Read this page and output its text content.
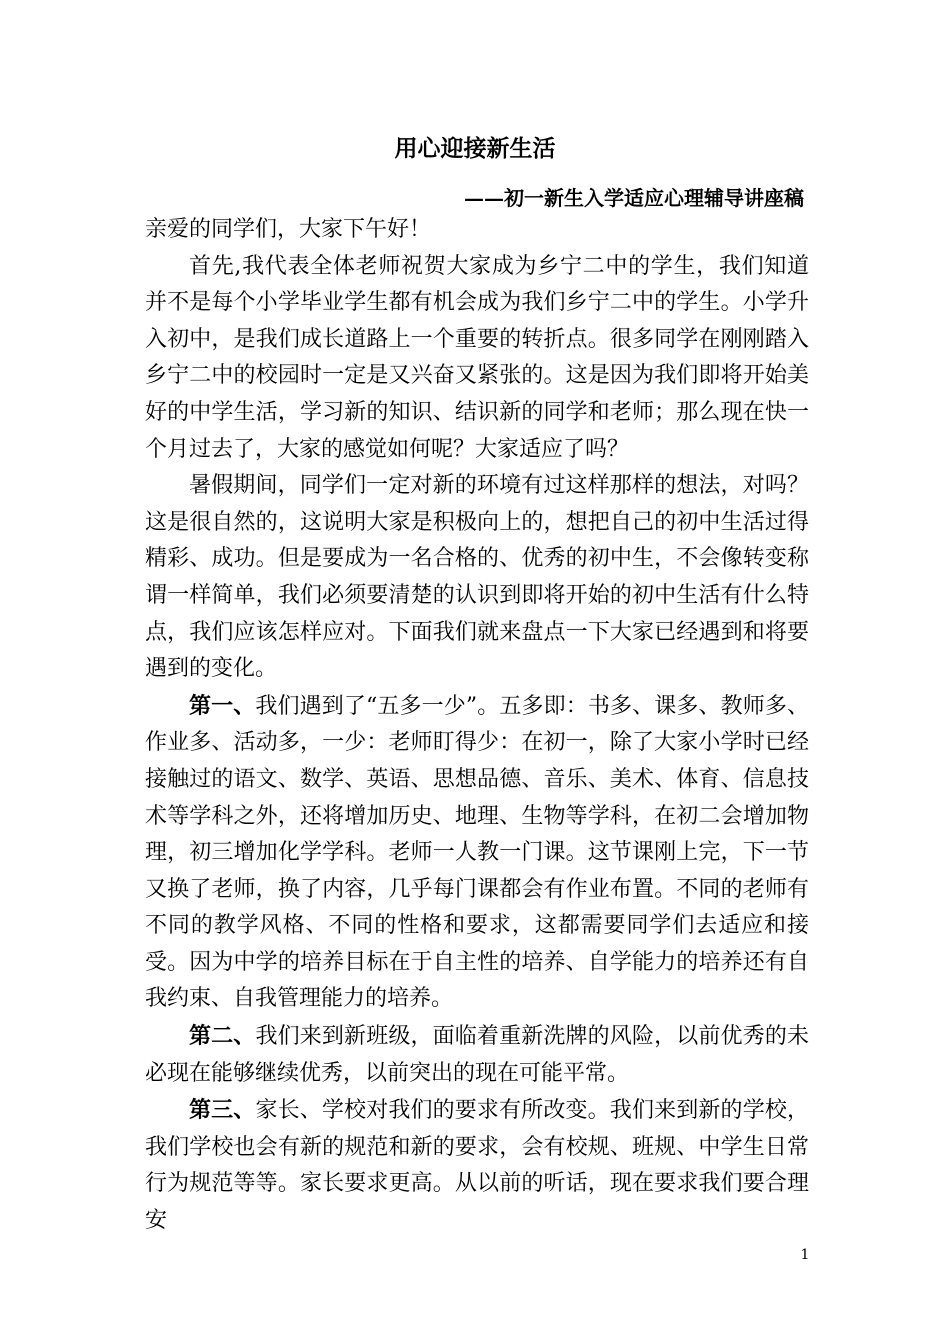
用心迎接新生活
——初一新生入学适应心理辅导讲座稿

亲爱的同学们，大家下午好！

首先,我代表全体老师祝贺大家成为乡宁二中的学生，我们知道并不是每个小学毕业学生都有机会成为我们乡宁二中的学生。小学升入初中，是我们成长道路上一个重要的转折点。很多同学在刚刚踏入乡宁二中的校园时一定是又兴奋又紧张的。这是因为我们即将开始美好的中学生活，学习新的知识、结识新的同学和老师；那么现在快一个月过去了，大家的感觉如何呢？大家适应了吗？

暑假期间，同学们一定对新的环境有过这样那样的想法，对吗？这是很自然的，这说明大家是积极向上的，想把自己的初中生活过得精彩、成功。但是要成为一名合格的、优秀的初中生，不会像转变称谓一样简单，我们必须要清楚的认识到即将开始的初中生活有什么特点，我们应该怎样应对。下面我们就来盘点一下大家已经遇到和将要遇到的变化。

第一、我们遇到了“五多一少”。五多即：书多、课多、教师多、作业多、活动多，一少：老师盯得少：在初一，除了大家小学时已经接触过的语文、数学、英语、思想品德、音乐、美术、体育、信息技术等学科之外，还将增加历史、地理、生物等学科，在初二会增加物理，初三增加化学学科。老师一人教一门课。这节课刚上完，下一节又换了老师，换了内容，几乎每门课都会有作业布置。不同的老师有不同的教学风格、不同的性格和要求，这都需要同学们去适应和接受。因为中学的培养目标在于自主性的培养、自学能力的培养还有自我约束、自我管理能力的培养。

第二、我们来到新班级，面临着重新洗牌的风险，以前优秀的未必现在能够继续优秀，以前突出的现在可能平常。

第三、家长、学校对我们的要求有所改变。我们来到新的学校，我们学校也会有新的规范和新的要求，会有校规、班规、中学生日常行为规范等等。家长要求更高。从以前的听话，现在要求我们要合理安

1
